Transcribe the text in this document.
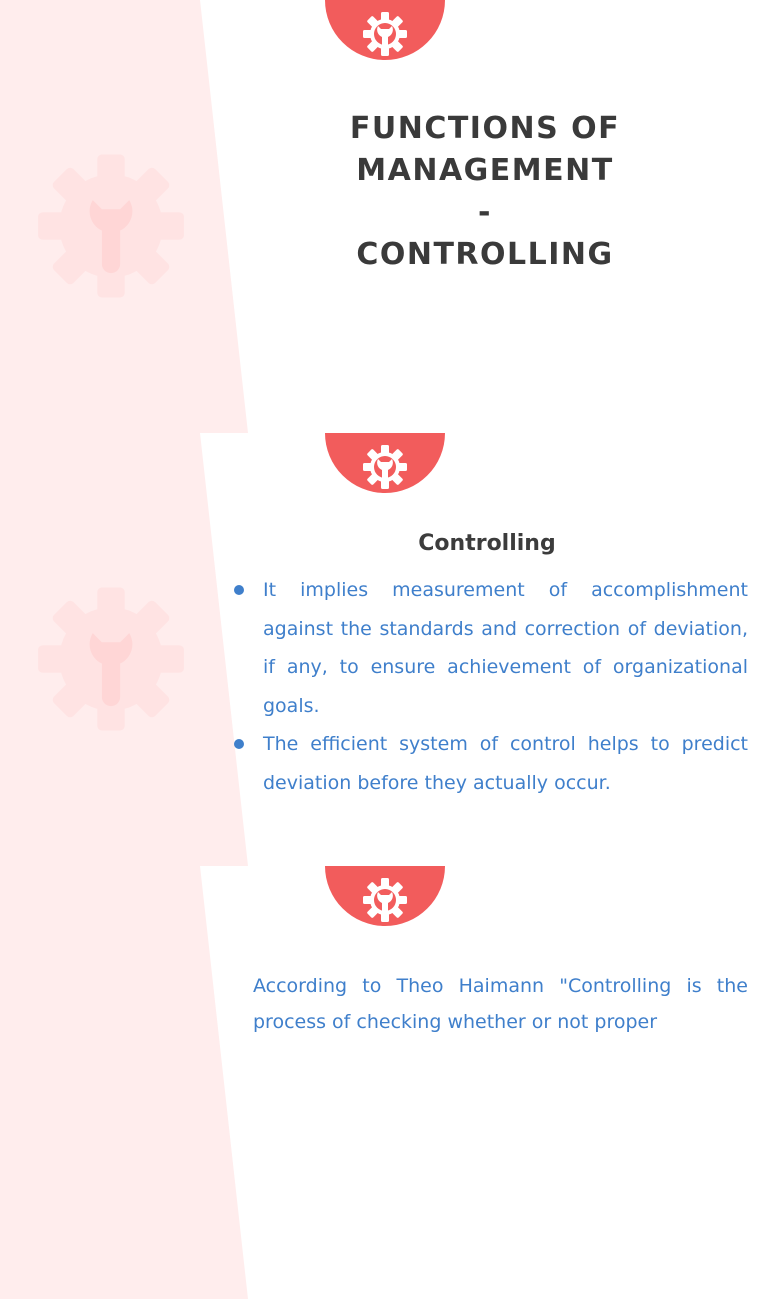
FUNCTIONS OF
MANAGEMENT
-
CONTROLLING
Controlling
It implies measurement of accomplishment against the standards and correction of deviation, if any, to ensure achievement of organizational goals.
The efficient system of control helps to predict deviation before they actually occur.
According to Theo Haimann "Controlling is the process of checking whether or not proper
